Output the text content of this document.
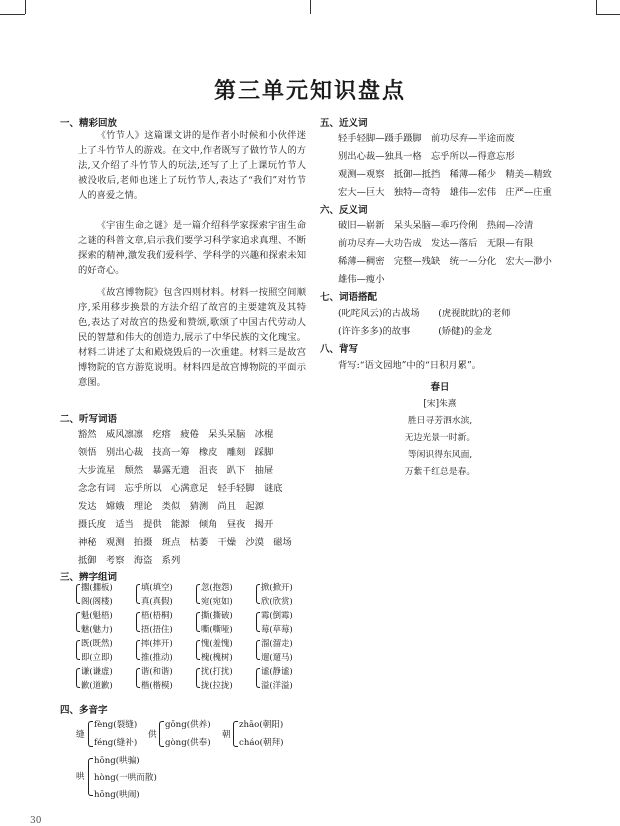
第三单元知识盘点
一、精彩回放

《竹节人》这篇课文讲的是作者小时候和小伙伴迷上了斗竹节人的游戏。在文中,作者既写了做竹节人的方法,又介绍了斗竹节人的玩法,还写了上了上课玩竹节人被没收后,老师也迷上了玩竹节人,表达了“我们”对竹节人的喜爱之情。

《宇宙生命之谜》是一篇介绍科学家探索宇宙生命之谜的科普文章,启示我们要学习科学家追求真理、不断探索的精神,激发我们爱科学、学科学的兴趣和探索未知的好奇心。

《故宫博物院》包含四则材料。材料一按照空间顺序,采用移步换景的方法介绍了故宫的主要建筑及其特色,表达了对故宫的热爱和赞颂,歌颂了中国古代劳动人民的智慧和伟大的创造力,展示了中华民族的文化瑰宝。材料二讲述了太和殿烧毁后的一次重建。材料三是故宫博物院的官方游览说明。材料四是故宫博物院的平面示意图。

二、听写词语
豁然　威风凛凛　疙瘩　疲倦　呆头呆脑　冰棍
领悟　别出心裁　技高一筹　橡皮　雕刻　踩脚
大步流星　颓然　暴露无遗　沮丧　趴下　抽屉
念念有词　忘乎所以　心满意足　轻手轻脚　谜底
发达　嫦娥　理论　类似　猜测　尚且　起源
摄氏度　适当　提供　能源　倾角　昼夜　揭开
神秘　观测　拍摄　斑点　枯萎　干燥　沙漠　磁场
抵御　考察　海盗　系列
三、辨字组词
擱(擱板)
阁(阁楼)
魁(魁梧)
魅(魅力)
既(既然)
即(立即)
谦(谦虚)
歉(道歉)
填(填空)
真(真假)
梧(梧桐)
捂(捂住)
摔(摔开)
推(推动)
谐(和谐)
楷(楷模)
忽(抱怨)
宛(宛如)
撕(撕破)
嘶(嘶哑)
愧(羞愧)
槐(槐树)
扰(打扰)
拢(拉拢)
掀(掀开)
欣(欣赏)
霉(倒霉)
莓(草莓)
溜(溜走)
遛(遛马)
谧(静谧)
溢(洋溢)
四、多音字
缝
fèng(裂缝)
féng(缝补)
供
gōng(供养)
gòng(供奉)
朝
zhāo(朝阳)
cháo(朝拜)
哄
hōng(哄骗)
hòng(一哄而散)
hōng(哄闹)
五、近义词
轻手轻脚—蹑手蹑脚　前功尽弃—半途而废
别出心裁—独具一格　忘乎所以—得意忘形
观测—观察　抵御—抵挡　稀薄—稀少　精美—精致
宏大—巨大　独特—奇特　雄伟—宏伟　庄严—庄重
六、反义词
破旧—崭新　呆头呆脑—乖巧伶俐　热闹—冷清
前功尽弃—大功告成　发达—落后　无限—有限
稀薄—稠密　完整—残缺　统一—分化　宏大—渺小
雄伟—瘦小
七、词语搭配
(叱咤风云)的古战场　　(虎视眈眈)的老师
(许许多多)的故事　　　(矫健)的金龙
八、背写
背写:“语文园地”中的“日积月累”。
春日
[宋]朱熹
胜日寻芳泗水滨,
无边光景一时新。
等闲识得东风面,
万紫千红总是春。
30
